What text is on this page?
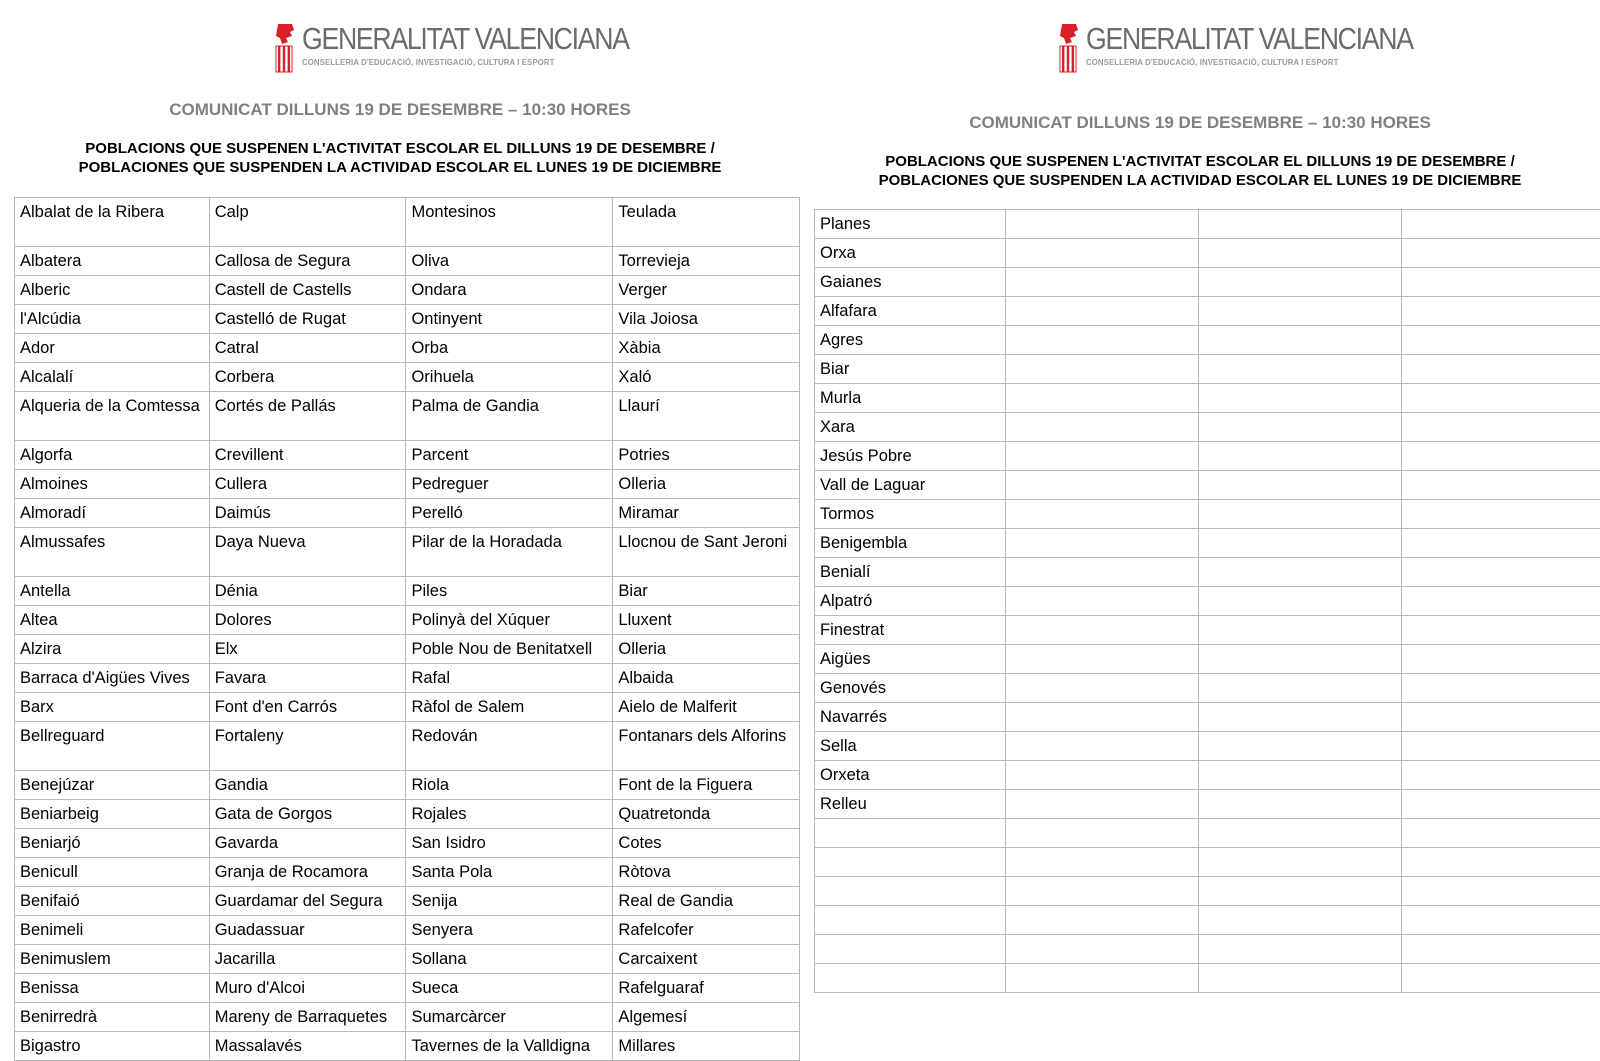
GENERALITAT VALENCIANA
CONSELLERIA D'EDUCACIÓ, INVESTIGACIÓ, CULTURA I ESPORT
COMUNICAT DILLUNS 19 DE DESEMBRE – 10:30 HORES
POBLACIONS QUE SUSPENEN L'ACTIVITAT ESCOLAR EL DILLUNS 19 DE DESEMBRE /
POBLACIONES QUE SUSPENDEN LA ACTIVIDAD ESCOLAR EL LUNES 19 DE DICIEMBRE
Albalat de la Ribera	Calp	Montesinos	Teulada
Albatera	Callosa de Segura	Oliva	Torrevieja
Alberic	Castell de Castells	Ondara	Verger
l'Alcúdia	Castelló de Rugat	Ontinyent	Vila Joiosa
Ador	Catral	Orba	Xàbia
Alcalalí	Corbera	Orihuela	Xaló
Alqueria de la Comtessa	Cortés de Pallás	Palma de Gandia	Llaurí
Algorfa	Crevillent	Parcent	Potries
Almoines	Cullera	Pedreguer	Olleria
Almoradí	Daimús	Perelló	Miramar
Almussafes	Daya Nueva	Pilar de la Horadada	Llocnou de Sant Jeroni
Antella	Dénia	Piles	Biar
Altea	Dolores	Polinyà del Xúquer	Lluxent
Alzira	Elx	Poble Nou de Benitatxell	Olleria
Barraca d'Aigües Vives	Favara	Rafal	Albaida
Barx	Font d'en Carrós	Ràfol de Salem	Aielo de Malferit
Bellreguard	Fortaleny	Redován	Fontanars dels Alforins
Benejúzar	Gandia	Riola	Font de la Figuera
Beniarbeig	Gata de Gorgos	Rojales	Quatretonda
Beniarjó	Gavarda	San Isidro	Cotes
Benicull	Granja de Rocamora	Santa Pola	Ròtova
Benifaió	Guardamar del Segura	Senija	Real de Gandia
Benimeli	Guadassuar	Senyera	Rafelcofer
Benimuslem	Jacarilla	Sollana	Carcaixent
Benissa	Muro d'Alcoi	Sueca	Rafelguaraf
Benirredrà	Mareny de Barraquetes	Sumarcàrcer	Algemesí
Bigastro	Massalavés	Tavernes de la Valldigna	Millares
GENERALITAT VALENCIANA
CONSELLERIA D'EDUCACIÓ, INVESTIGACIÓ, CULTURA I ESPORT
COMUNICAT DILLUNS 19 DE DESEMBRE – 10:30 HORES
POBLACIONS QUE SUSPENEN L'ACTIVITAT ESCOLAR EL DILLUNS 19 DE DESEMBRE /
POBLACIONES QUE SUSPENDEN LA ACTIVIDAD ESCOLAR EL LUNES 19 DE DICIEMBRE
Planes			
Orxa			
Gaianes			
Alfafara			
Agres			
Biar			
Murla			
Xara			
Jesús Pobre			
Vall de Laguar			
Tormos			
Benigembla			
Benialí			
Alpatró			
Finestrat			
Aigües			
Genovés			
Navarrés			
Sella			
Orxeta			
Relleu			
